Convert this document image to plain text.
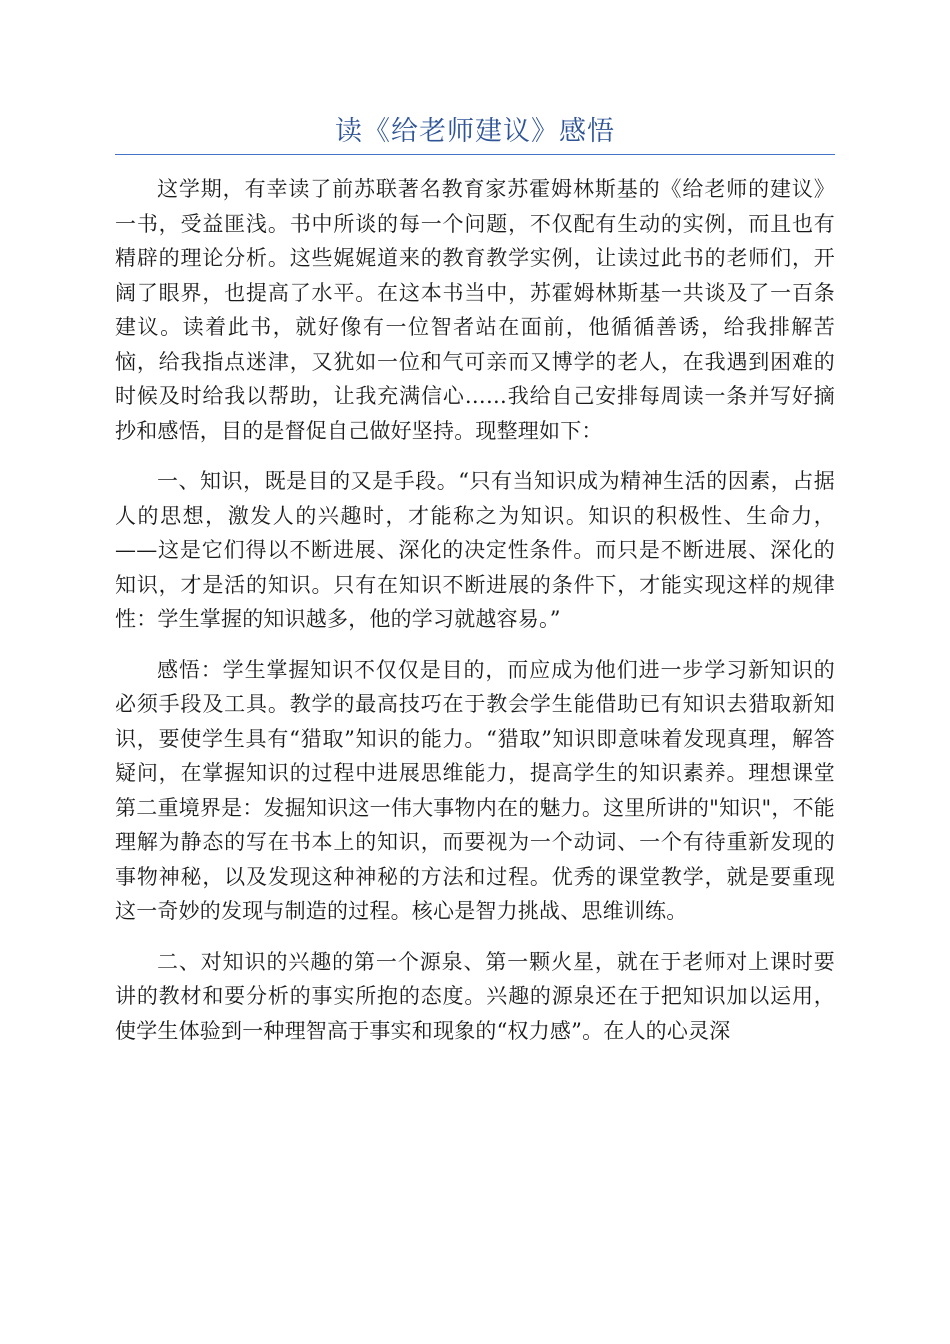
读《给老师建议》感悟

这学期，有幸读了前苏联著名教育家苏霍姆林斯基的《给老师的建议》一书，受益匪浅。书中所谈的每一个问题，不仅配有生动的实例，而且也有精辟的理论分析。这些娓娓道来的教育教学实例，让读过此书的老师们，开阔了眼界，也提高了水平。在这本书当中，苏霍姆林斯基一共谈及了一百条建议。读着此书，就好像有一位智者站在面前，他循循善诱，给我排解苦恼，给我指点迷津，又犹如一位和气可亲而又博学的老人，在我遇到困难的时候及时给我以帮助，让我充满信心……我给自己安排每周读一条并写好摘抄和感悟，目的是督促自己做好坚持。现整理如下：

一、知识，既是目的又是手段。“只有当知识成为精神生活的因素，占据人的思想，激发人的兴趣时，才能称之为知识。知识的积极性、生命力，——这是它们得以不断进展、深化的决定性条件。而只是不断进展、深化的知识，才是活的知识。只有在知识不断进展的条件下，才能实现这样的规律性：学生掌握的知识越多，他的学习就越容易。”

感悟：学生掌握知识不仅仅是目的，而应成为他们进一步学习新知识的必须手段及工具。教学的最高技巧在于教会学生能借助已有知识去猎取新知识，要使学生具有“猎取”知识的能力。“猎取”知识即意味着发现真理，解答疑问，在掌握知识的过程中进展思维能力，提高学生的知识素养。理想课堂第二重境界是：发掘知识这一伟大事物内在的魅力。这里所讲的"知识"，不能理解为静态的写在书本上的知识，而要视为一个动词、一个有待重新发现的事物神秘，以及发现这种神秘的方法和过程。优秀的课堂教学，就是要重现这一奇妙的发现与制造的过程。核心是智力挑战、思维训练。

二、对知识的兴趣的第一个源泉、第一颗火星，就在于老师对上课时要讲的教材和要分析的事实所抱的态度。兴趣的源泉还在于把知识加以运用，使学生体验到一种理智高于事实和现象的“权力感”。在人的心灵深
